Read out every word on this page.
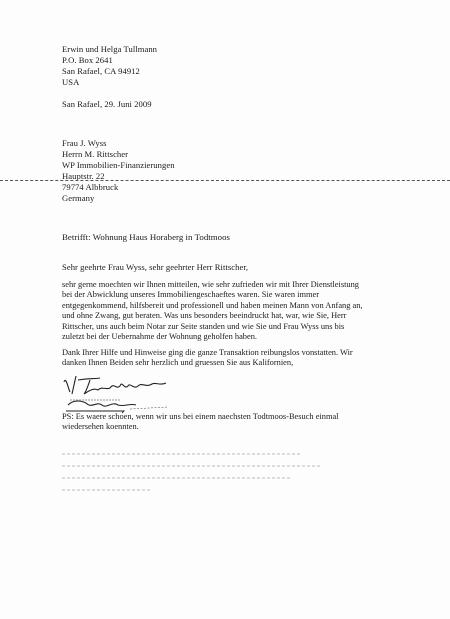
Erwin und Helga Tullmann
P.O. Box 2641
San Rafael, CA 94912
USA
San Rafael, 29. Juni 2009
Frau J. Wyss
Herrn M. Rittscher
WP Immobilien-Finanzierungen
Hauptstr. 22
79774 Albbruck
Germany
Betrifft: Wohnung Haus Horaberg in Todtmoos
Sehr geehrte Frau Wyss, sehr geehrter Herr Rittscher,
sehr gerne moechten wir Ihnen mitteilen, wie sehr zufrieden wir mit Ihrer Dienstleistung
bei der Abwicklung unseres Immobiliengeschaeftes waren. Sie waren immer
entgegenkommend, hilfsbereit und professionell und haben meinen Mann von Anfang an,
und ohne Zwang, gut beraten. Was uns besonders beeindruckt hat, war, wie Sie, Herr
Rittscher, uns auch beim Notar zur Seite standen und wie Sie und Frau Wyss uns bis
zuletzt bei der Uebernahme der Wohnung geholfen haben.
Dank Ihrer Hilfe und Hinweise ging die ganze Transaktion reibungslos vonstatten. Wir
danken Ihnen Beiden sehr herzlich und gruessen Sie aus Kalifornien,
PS: Es waere schoen, wenn wir uns bei einem naechsten Todtmoos-Besuch einmal
wiedersehen koennten.
